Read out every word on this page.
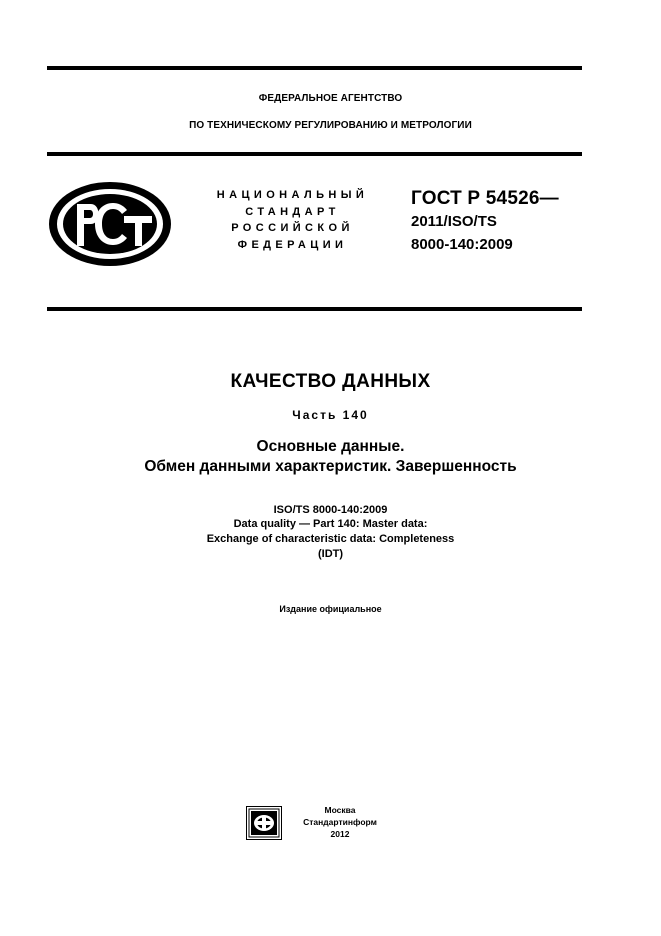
ФЕДЕРАЛЬНОЕ АГЕНТСТВО
ПО ТЕХНИЧЕСКОМУ РЕГУЛИРОВАНИЮ И МЕТРОЛОГИИ
НАЦИОНАЛЬНЫЙ
СТАНДАРТ
РОССИЙСКОЙ
ФЕДЕРАЦИИ
ГОСТ Р 54526—
2011/ISO/TS
8000-140:2009
КАЧЕСТВО ДАННЫХ
Часть 140
Основные данные.
Обмен данными характеристик. Завершенность
ISO/TS 8000-140:2009
Data quality — Part 140: Master data:
Exchange of characteristic data: Completeness
(IDT)
Издание официальное
Москва
Стандартинформ
2012
